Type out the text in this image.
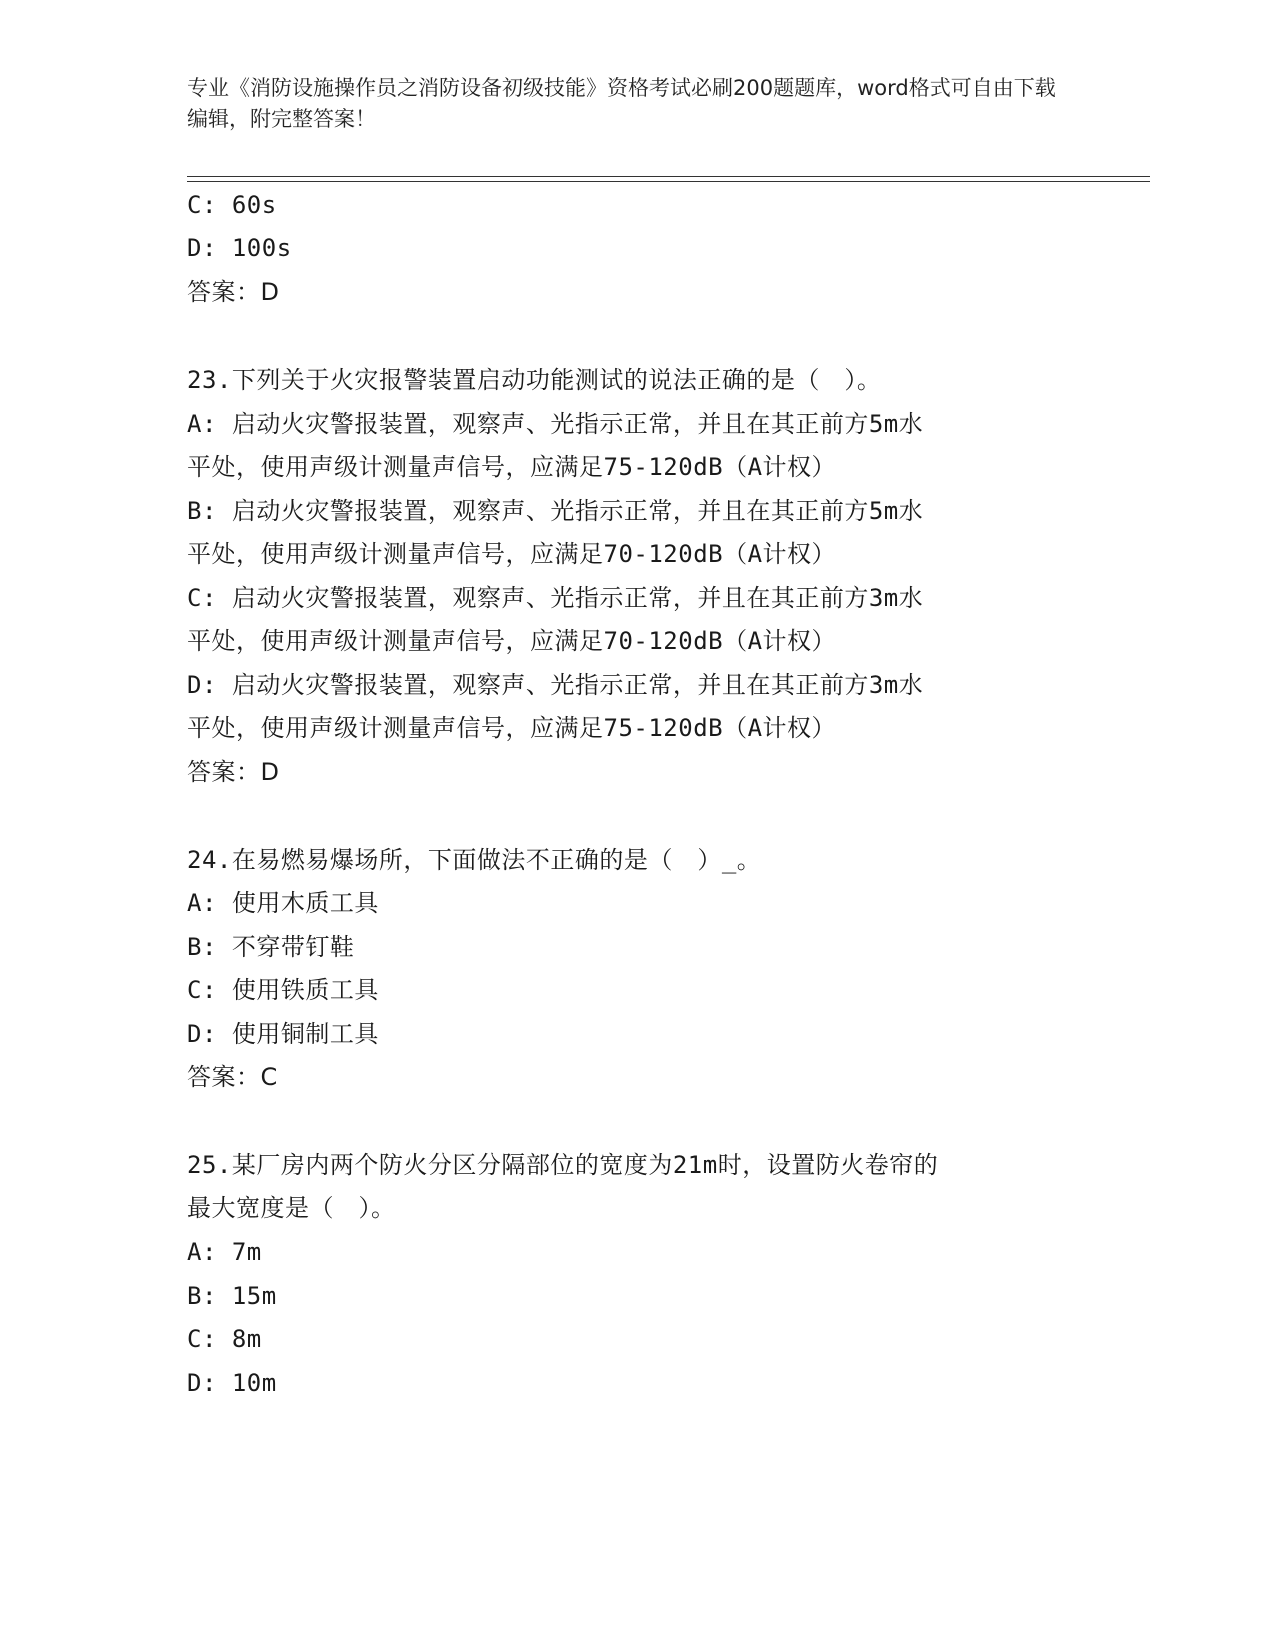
专业《消防设施操作员之消防设备初级技能》资格考试必刷200题题库，word格式可自由下载编辑，附完整答案！
C: 60s
D: 100s
答案：D
23.下列关于火灾报警装置启动功能测试的说法正确的是（　）。
A: 启动火灾警报装置，观察声、光指示正常，并且在其正前方5m水
平处，使用声级计测量声信号，应满足75-120dB（A计权）
B: 启动火灾警报装置，观察声、光指示正常，并且在其正前方5m水
平处，使用声级计测量声信号，应满足70-120dB（A计权）
C: 启动火灾警报装置，观察声、光指示正常，并且在其正前方3m水
平处，使用声级计测量声信号，应满足70-120dB（A计权）
D: 启动火灾警报装置，观察声、光指示正常，并且在其正前方3m水
平处，使用声级计测量声信号，应满足75-120dB（A计权）
答案：D
24.在易燃易爆场所，下面做法不正确的是（　）_。
A: 使用木质工具
B: 不穿带钉鞋
C: 使用铁质工具
D: 使用铜制工具
答案：C
25.某厂房内两个防火分区分隔部位的宽度为21m时，设置防火卷帘的
最大宽度是（　）。
A: 7m
B: 15m
C: 8m
D: 10m
